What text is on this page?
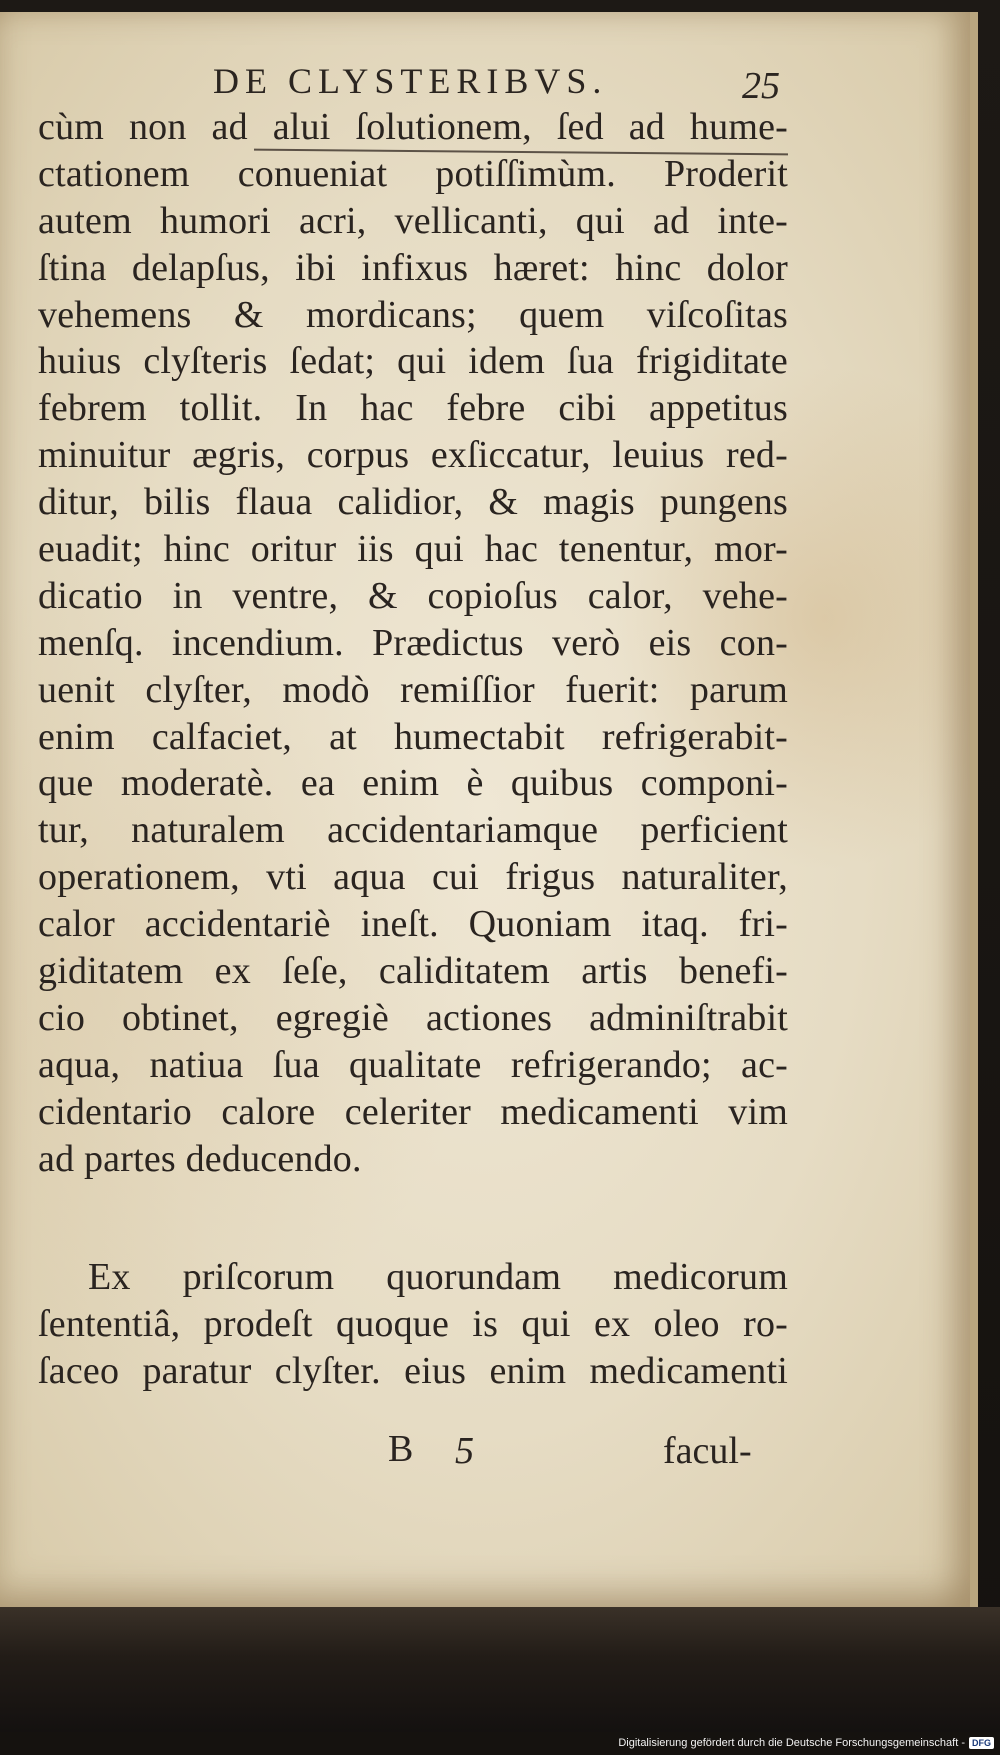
DE CLYSTERIBVS.	25
cùm non ad alui ſolutionem, ſed ad hume-
ctationem conueniat potiſſimùm. Proderit
autem humori acri, vellicanti, qui ad inte-
ſtina delapſus, ibi infixus hæret: hinc dolor
vehemens & mordicans; quem viſcoſitas
huius clyſteris ſedat; qui idem ſua frigiditate
febrem tollit. In hac febre cibi appetitus
minuitur ægris, corpus exſiccatur, leuius red-
ditur, bilis flaua calidior, & magis pungens
euadit; hinc oritur iis qui hac tenentur, mor-
dicatio in ventre, & copioſus calor, vehe-
menſq. incendium. Prædictus verò eis con-
uenit clyſter, modò remiſſior fuerit: parum
enim calfaciet, at humectabit refrigerabit-
que moderatè. ea enim è quibus componi-
tur, naturalem accidentariamque perficient
operationem, vti aqua cui frigus naturaliter,
calor accidentariè ineſt. Quoniam itaq. fri-
giditatem ex ſeſe, caliditatem artis benefi-
cio obtinet, egregiè actiones adminiſtrabit
aqua, natiua ſua qualitate refrigerando; ac-
cidentario calore celeriter medicamenti vim
ad partes deducendo.
Ex priſcorum quorundam medicorum
ſententiâ, prodeſt quoque is qui ex oleo ro-
ſaceo paratur clyſter. eius enim medicamenti
B 5	facul-
Digitalisierung gefördert durch die Deutsche Forschungsgemeinschaft - DFG
